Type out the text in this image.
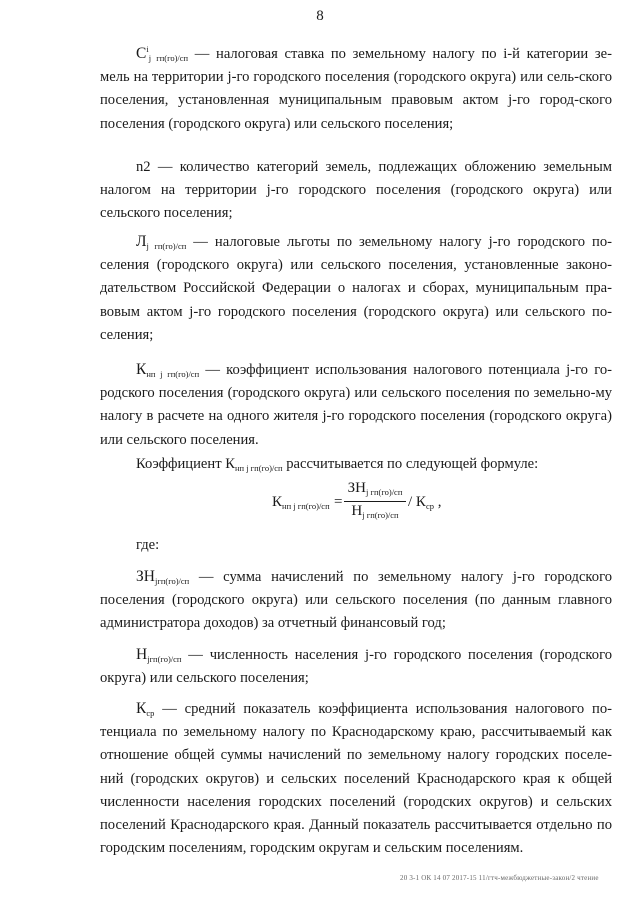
8
$C^i_{j гп(го)/сп}$ — налоговая ставка по земельному налогу по i-й категории зе- мель на территории j-го городского поселения (городского округа) или сель-ского поселения, установленная муниципальным правовым актом j-го город-ского поселения (городского округа) или сельского поселения;
n2 — количество категорий земель, подлежащих обложению земельным налогом на территории j-го городского поселения (городского округа) или сельского поселения;
$Л_{j гп(го)/сп}$ — налоговые льготы по земельному налогу j-го городского по-селения (городского округа) или сельского поселения, установленные законо-дательством Российской Федерации о налогах и сборах, муниципальным пра-вовым актом j-го городского поселения (городского округа) или сельского по-селения;
$К_{нп j гп(го)/сп}$ — коэффициент использования налогового потенциала j-го го-родского поселения (городского округа) или сельского поселения по земельно-му налогу в расчете на одного жителя j-го городского поселения (городского округа) или сельского поселения.
Коэффициент $К_{нп j гп(го)/сп}$ рассчитывается по следующей формуле:
$К_{нп j гп(го)/сп}$ =
$ЗН_{j гп(го)/сп}$
$Н_{j гп(го)/сп}$
/ $К_{ср}$ ,
где:
$ЗН_{jгп(го)/сп}$ — сумма начислений по земельному налогу j-го городского поселения (городского округа) или сельского поселения (по данным главного администратора доходов) за отчетный финансовый год;
$Н_{jгп(го)/сп}$ — численность населения j-го городского поселения (городского округа) или сельского поселения;
$К_{ср}$ — средний показатель коэффициента использования налогового по-тенциала по земельному налогу по Краснодарскому краю, рассчитываемый как отношение общей суммы начислений по земельному налогу городских поселе-ний (городских округов) и сельских поселений Краснодарского края к общей численности населения городских поселений (городских округов) и сельских поселений Краснодарского края. Данный показатель рассчитывается отдельно по городским поселениям, городским округам и сельским поселениям.
20 3-1 ОК 14 07 2017-15 11/гтч-межбюджетные-закон/2 чтение
